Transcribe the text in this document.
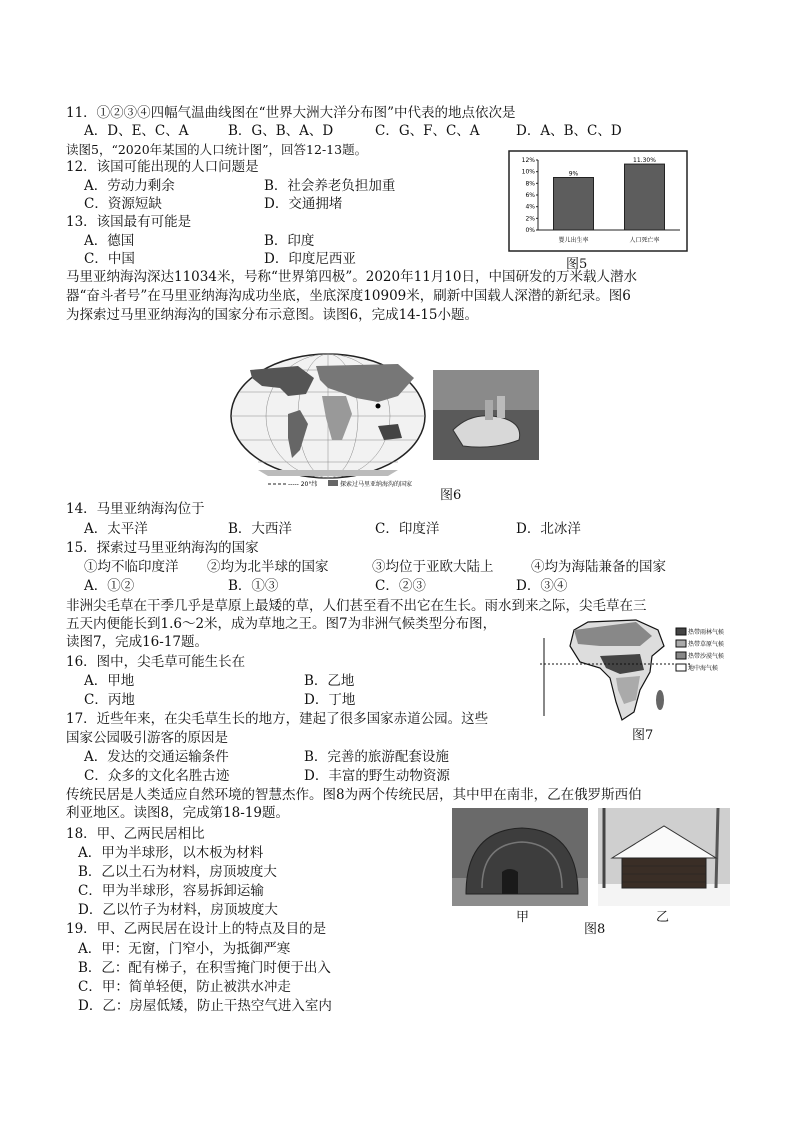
11．①②③④四幅气温曲线图在“世界大洲大洋分布图”中代表的地点依次是
A．D、E、C、A	B．G、B、A、D	C．G、F、C、A	D．A、B、C、D
读图5，“2020年某国的人口统计图”，回答12-13题。
12．该国可能出现的人口问题是
A．劳动力剩余	B．社会养老负担加重
C．资源短缺	D．交通拥堵
13．该国最有可能是
A．德国	B．印度
C．中国	D．印度尼西亚
12%
10%
8%
6%
4%
2%
0%
9%
婴儿出生率
11.30%
人口死亡率
图5
马里亚纳海沟深达11034米，号称“世界第四极”。2020年11月10日，中国研发的万米载人潜水
器“奋斗者号”在马里亚纳海沟成功坐底，坐底深度10909米，刷新中国载人深潜的新纪录。图6
为探索过马里亚纳海沟的国家分布示意图。读图6，完成14-15小题。
----- 20°纬	探索过马里亚纳海沟的国家
图6
14．马里亚纳海沟位于
A．太平洋	B．大西洋	C．印度洋	D．北冰洋
15．探索过马里亚纳海沟的国家
①均不临印度洋 ②均为北半球的国家	③均位于亚欧大陆上	④均为海陆兼备的国家
A．①②	B．①③	C．②③	D．③④
非洲尖毛草在干季几乎是草原上最矮的草，人们甚至看不出它在生长。雨水到来之际，尖毛草在三
五天内便能长到1.6～2米，成为草地之王。图7为非洲气候类型分布图，
读图7，完成16-17题。
热带雨林气候
热带草原气候
热带沙漠气候
地中海气候
图7
16．图中，尖毛草可能生长在
A．甲地	B．乙地
C．丙地	D．丁地
17．近些年来，在尖毛草生长的地方，建起了很多国家赤道公园。这些
国家公园吸引游客的原因是
A．发达的交通运输条件	B．完善的旅游配套设施
C．众多的文化名胜古迹	D．丰富的野生动物资源
传统民居是人类适应自然环境的智慧杰作。图8为两个传统民居，其中甲在南非，乙在俄罗斯西伯
利亚地区。读图8，完成第18-19题。
甲	乙
图8
18．甲、乙两民居相比
A．甲为半球形，以木板为材料
B．乙以土石为材料，房顶坡度大
C．甲为半球形，容易拆卸运输
D．乙以竹子为材料，房顶坡度大
19．甲、乙两民居在设计上的特点及目的是
A．甲：无窗，门窄小，为抵御严寒
B．乙：配有梯子，在积雪掩门时便于出入
C．甲：简单轻便，防止被洪水冲走
D．乙：房屋低矮，防止干热空气进入室内
